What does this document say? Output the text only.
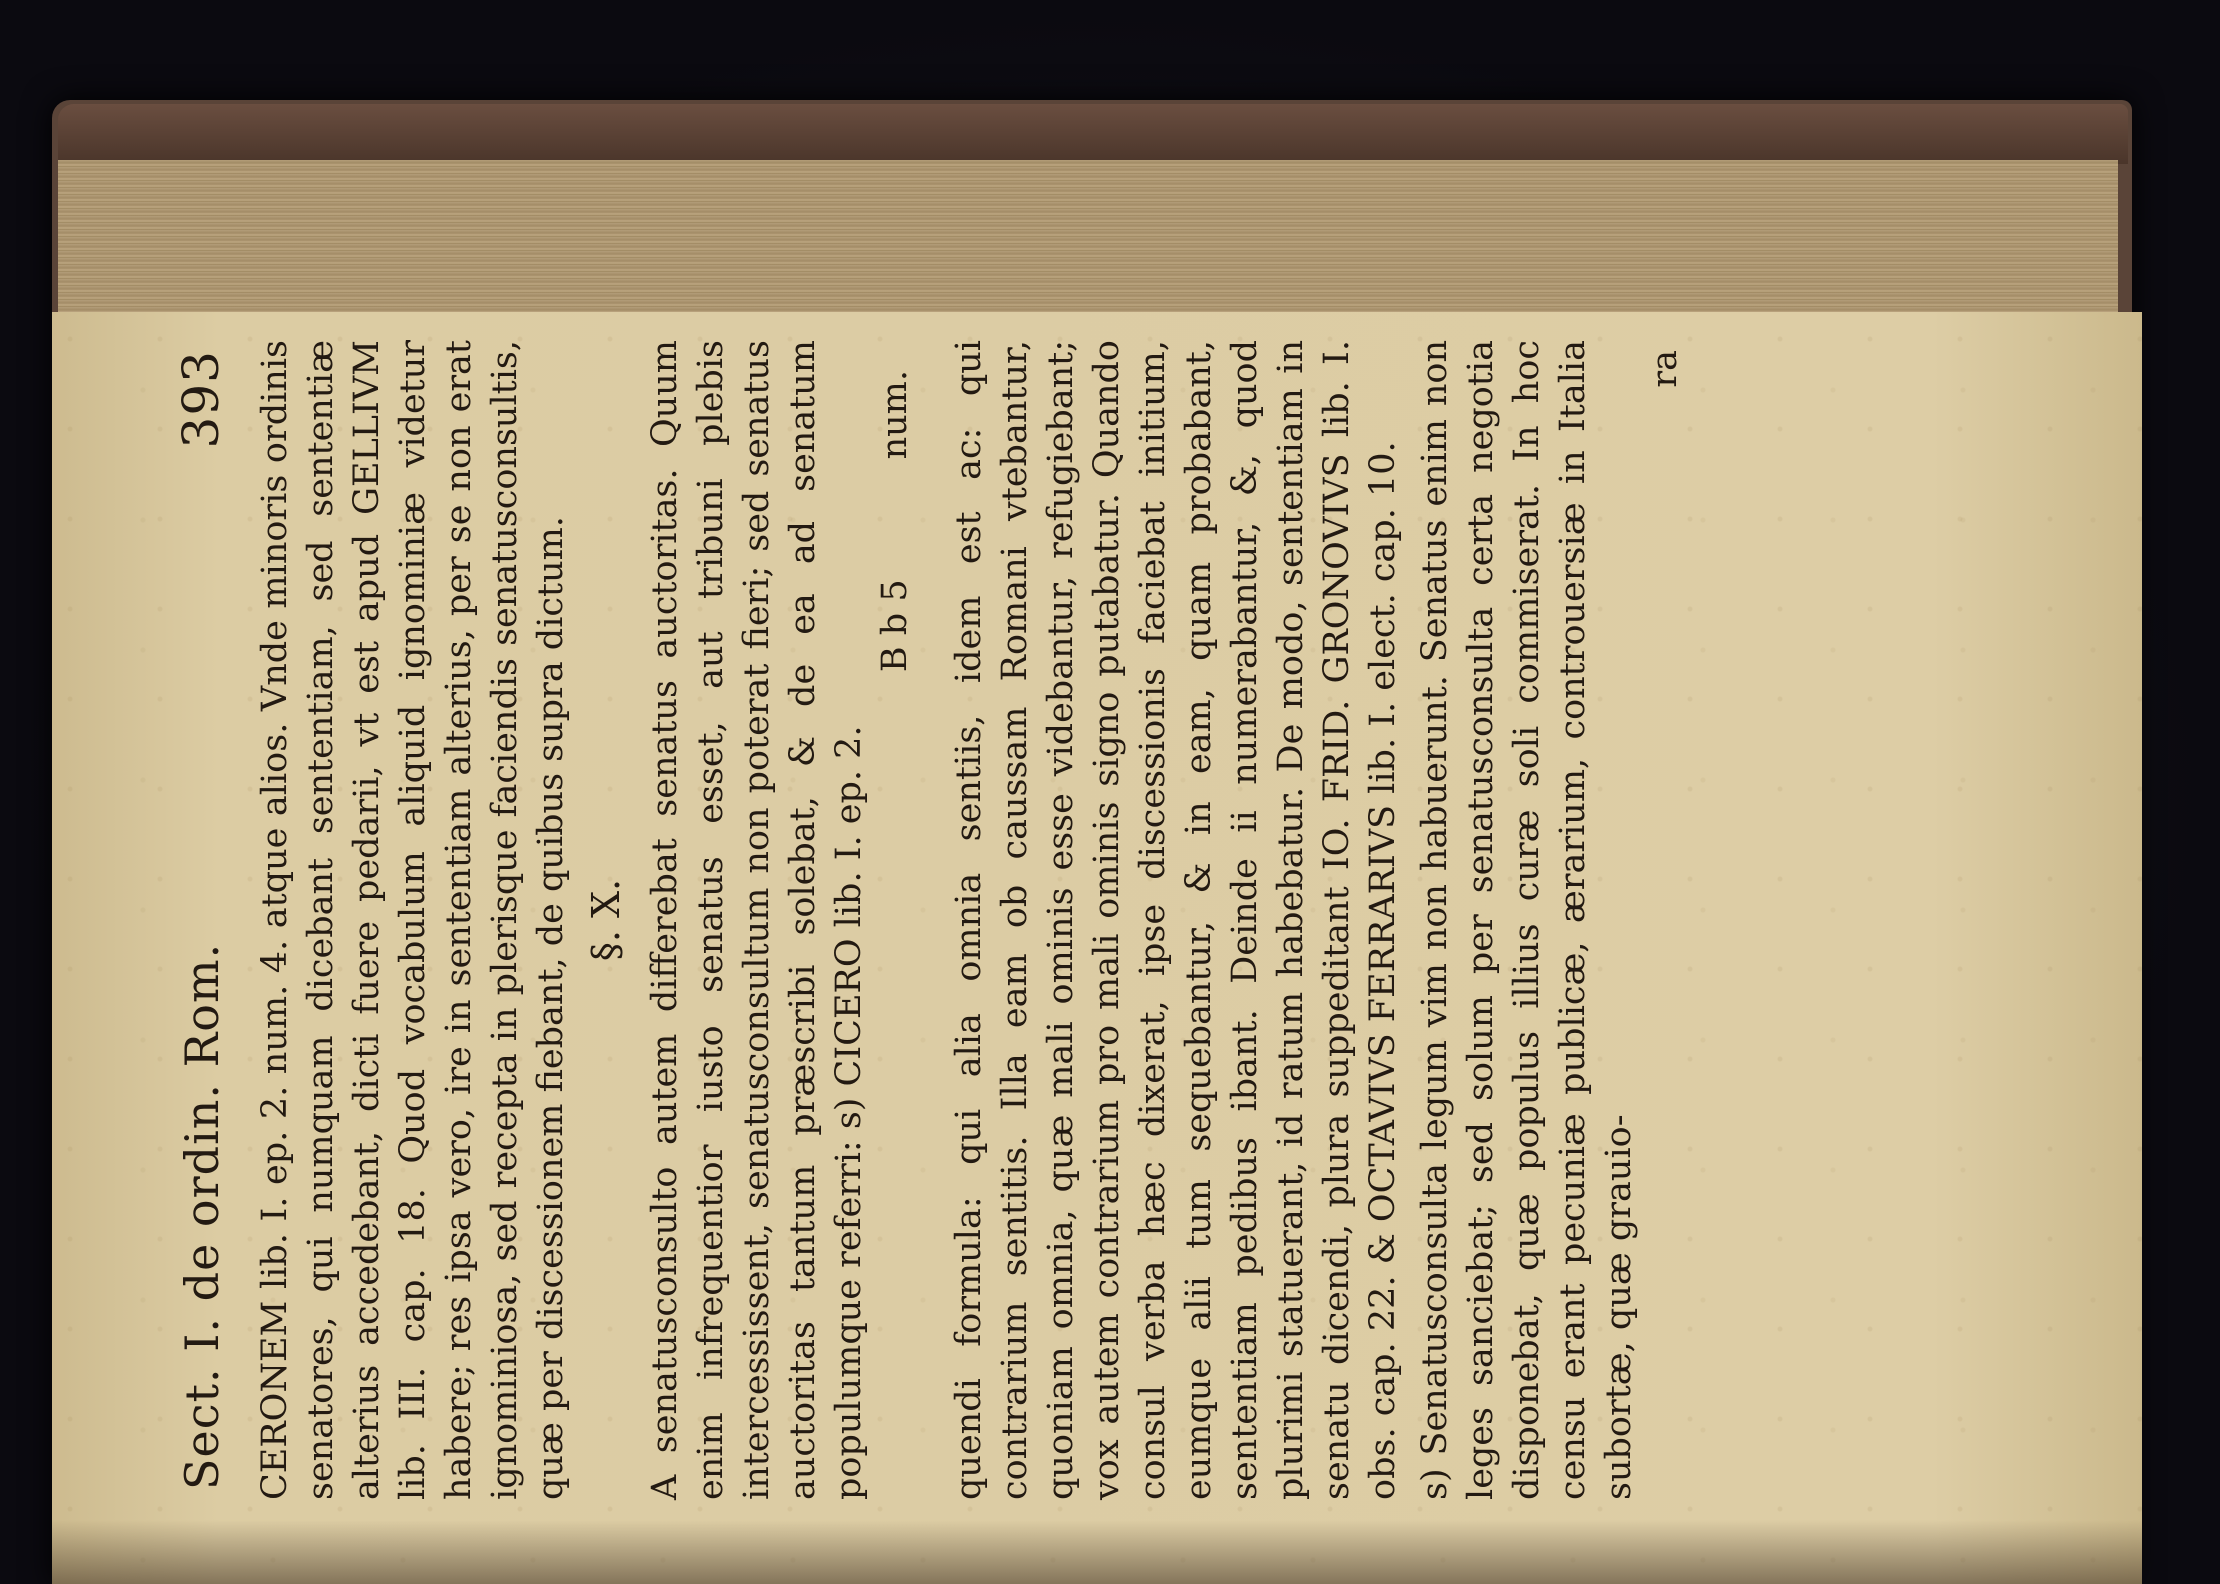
Sect. I. de ordin. Rom.
393 CERONEM lib. I. ep. 2. num. 4. atque alios. Vnde minoris ordinis senatores, qui numquam dicebant sententiam, sed sententiæ alterius accedebant, dicti fuere pedarii, vt est apud GELLIVM lib. III. cap. 18. Quod vocabulum aliquid ignominiæ videtur habere; res ipsa vero, ire in sententiam alterius, per se non erat ignominiosa, sed recepta in plerisque faciendis senatusconsultis, quæ per discessionem fiebant, de quibus supra dictum. §. X. A senatusconsulto autem differebat senatus auctoritas. Quum enim infrequentior iusto senatus esset, aut tribuni plebis intercessissent, senatusconsultum non poterat fieri; sed senatus auctoritas tantum præscribi solebat, & de ea ad senatum populumque referri: s) CICERO lib. I. ep. 2.

B b 5
num. quendi formula: qui alia omnia sentiis, idem est ac: qui contrarium sentitis. Illa eam ob caussam Romani vtebantur, quoniam omnia, quæ mali ominis esse videbantur, refugiebant; vox autem contrarium pro mali ominis signo putabatur. Quando consul verba hæc dixerat, ipse discessionis faciebat initium, eumque alii tum sequebantur, & in eam, quam probabant, sententiam pedibus ibant. Deinde ii numerabantur, &, quod plurimi statuerant, id ratum habebatur. De modo, sententiam in senatu dicendi, plura suppeditant IO. FRID. GRONOVIVS lib. I. obs. cap. 22. & OCTAVIVS FERRARIVS lib. I. elect. cap. 10. s) Senatusconsulta legum vim non habuerunt. Senatus enim non leges sanciebat; sed solum per senatusconsulta certa negotia disponebat, quæ populus illius curæ soli commiserat. In hoc censu erant pecuniæ publicæ, ærarium, controuersiæ in Italia subortæ, quæ grauio-

ra
